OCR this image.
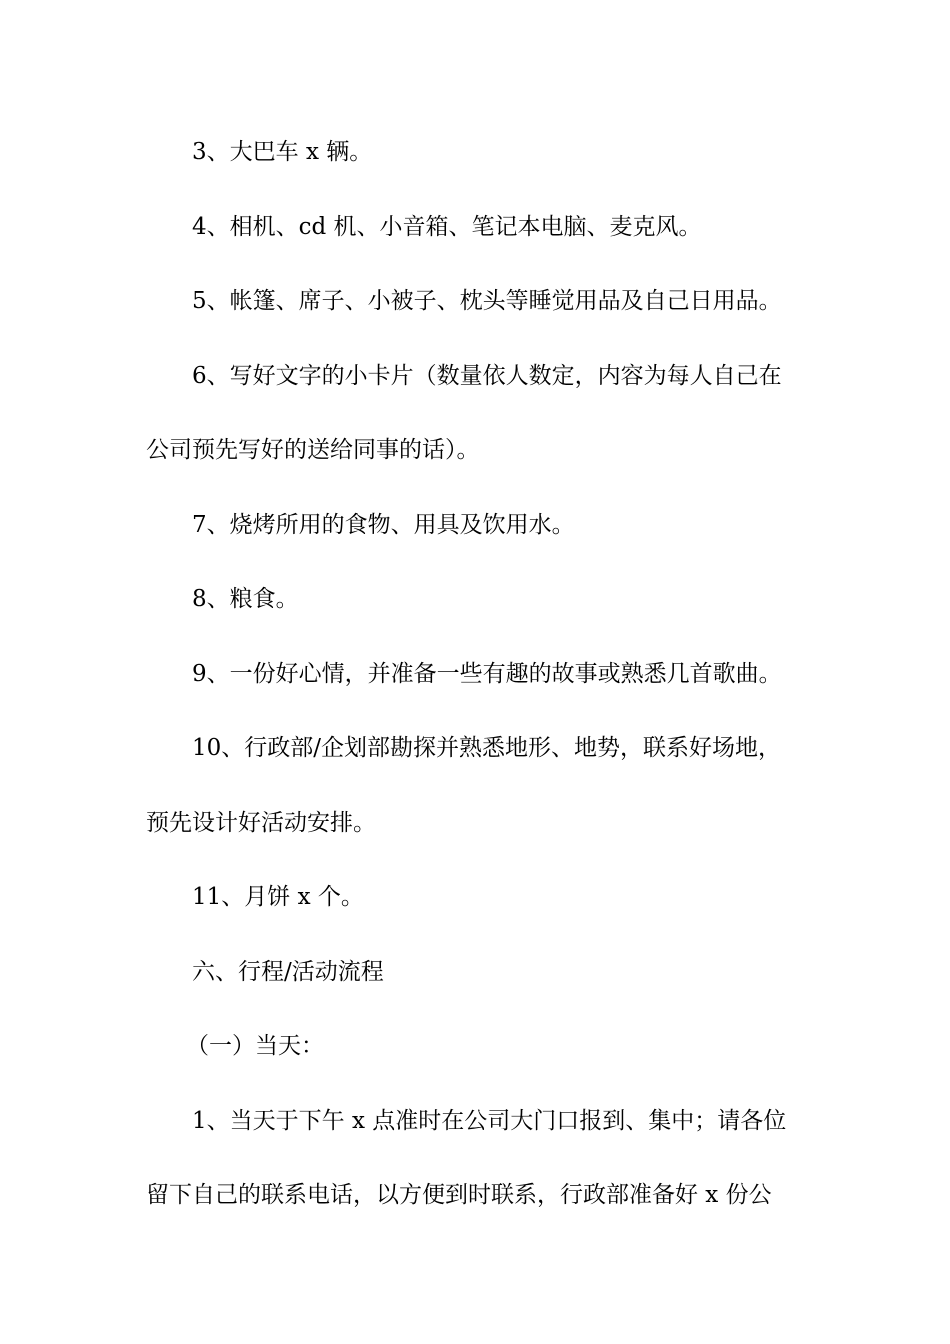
3、大巴车 x 辆。
4、相机、cd 机、小音箱、笔记本电脑、麦克风。
5、帐篷、席子、小被子、枕头等睡觉用品及自己日用品。
6、写好文字的小卡片（数量依人数定，内容为每人自己在
公司预先写好的送给同事的话）。
7、烧烤所用的食物、用具及饮用水。
8、粮食。
9、一份好心情，并准备一些有趣的故事或熟悉几首歌曲。
10、行政部/企划部勘探并熟悉地形、地势，联系好场地，
预先设计好活动安排。
11、月饼 x 个。
六、行程/活动流程
（一）当天：
1、当天于下午 x 点准时在公司大门口报到、集中；请各位
留下自己的联系电话，以方便到时联系，行政部准备好 x 份公
